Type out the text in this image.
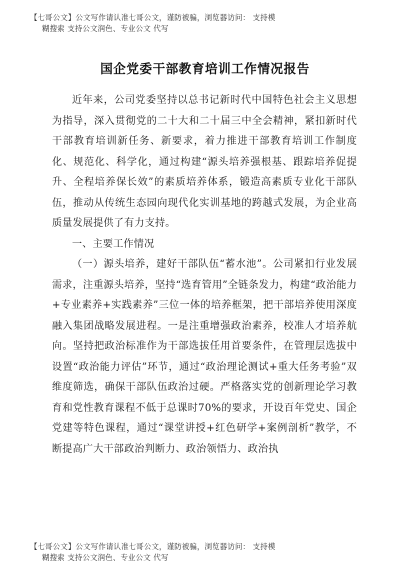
【七哥公文】公文写作请认准七哥公文，谨防被骗，浏览器访问： 支持模
糊搜索 支持公文润色、专业公文 代写
国企党委干部教育培训工作情况报告

近年来，公司党委坚持以总书记新时代中国特色社会主义思想为指导，深入贯彻党的二十大和二十届三中全会精神，紧扣新时代干部教育培训新任务、新要求，着力推进干部教育培训工作制度化、规范化、科学化，通过构建“源头培养强根基、跟踪培养促提升、全程培养保长效”的素质培养体系，锻造高素质专业化干部队伍，推动从传统生态园向现代化实训基地的跨越式发展，为企业高质量发展提供了有力支持。

一、主要工作情况

（一）源头培养，建好干部队伍“蓄水池”。公司紧扣行业发展需求，注重源头培养，坚持“选育管用”全链条发力，构建“政治能力+专业素养+实践素养”三位一体的培养框架，把干部培养使用深度融入集团战略发展进程。一是注重增强政治素养，校准人才培养航向。坚持把政治标准作为干部选拔任用首要条件，在管理层选拔中设置“政治能力评估”环节，通过“政治理论测试+重大任务考验”双维度筛选，确保干部队伍政治过硬。严格落实党的创新理论学习教育和党性教育课程不低于总课时70%的要求，开设百年党史、国企党建等特色课程，通过“课堂讲授+红色研学+案例剖析”教学，不断提高广大干部政治判断力、政治领悟力、政治执

【七哥公文】公文写作请认准七哥公文，谨防被骗，浏览器访问： 支持模
糊搜索 支持公文润色、专业公文 代写
